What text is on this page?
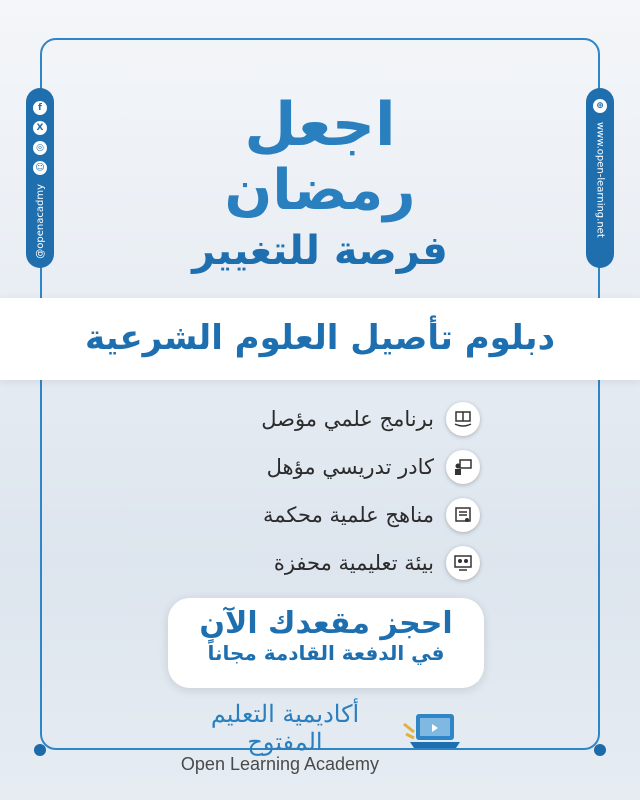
f
X
◎
☺
@openacadmy
⊕
www.open-learning.net
اجعل
رمضان
فرصة للتغيير
دبلوم تأصيل العلوم الشرعية
برنامج علمي مؤصل
كادر تدريسي مؤهل
مناهج علمية محكمة
بيئة تعليمية محفزة
احجز مقعدك الآن
في الدفعة القادمة مجاناً
أكاديمية التعليم المفتوح
Open Learning Academy
